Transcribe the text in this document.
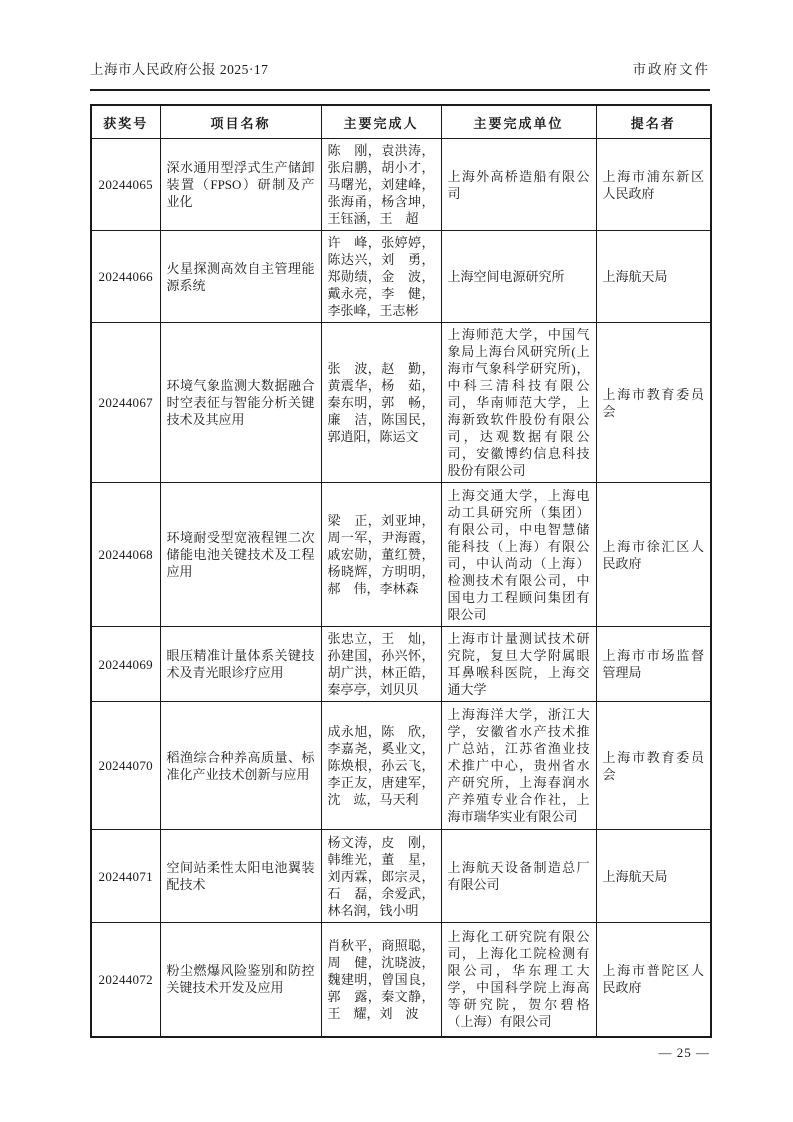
上海市人民政府公报 2025·17	市政府文件
获奖号	项目名称	主要完成人	主要完成单位	提名者
20244065	深水通用型浮式生产储卸装置（FPSO）研制及产业化	陈　刚，袁洪涛，张启鹏，胡小才，马曙光，刘建峰，张海甬，杨含坤，王钰涵，王　超	上海外高桥造船有限公司	上海市浦东新区人民政府
20244066	火星探测高效自主管理能源系统	许　峰，张婷婷，陈达兴，刘　勇，郑勋绩，金　波，戴永亮，李　健，李张峰，王志彬	上海空间电源研究所	上海航天局
20244067	环境气象监测大数据融合时空表征与智能分析关键技术及其应用	张　波，赵　勤，黄震华，杨　茹，秦东明，郭　畅，廉　洁，陈国民，郭逍阳，陈运文	上海师范大学，中国气象局上海台风研究所(上海市气象科学研究所)，中科三清科技有限公司，华南师范大学，上海新致软件股份有限公司，达观数据有限公司，安徽博约信息科技股份有限公司	上海市教育委员会
20244068	环境耐受型宽液程锂二次储能电池关键技术及工程应用	梁　正，刘亚坤，周一军，尹海霞，戚宏勋，董红赞，杨晓辉，方明明，郝　伟，李林森	上海交通大学，上海电动工具研究所（集团）有限公司，中电智慧储能科技（上海）有限公司，中认尚动（上海）检测技术有限公司，中国电力工程顾问集团有限公司	上海市徐汇区人民政府
20244069	眼压精准计量体系关键技术及青光眼诊疗应用	张忠立，王　灿，孙建国，孙兴怀，胡广洪，林正皓，秦亭亭，刘贝贝	上海市计量测试技术研究院，复旦大学附属眼耳鼻喉科医院，上海交通大学	上海市市场监督管理局
20244070	稻渔综合种养高质量、标准化产业技术创新与应用	成永旭，陈　欣，李嘉尧，奚业文，陈焕根，孙云飞，李正友，唐建军，沈　竑，马天利	上海海洋大学，浙江大学，安徽省水产技术推广总站，江苏省渔业技术推广中心，贵州省水产研究所，上海春润水产养殖专业合作社，上海市瑞华实业有限公司	上海市教育委员会
20244071	空间站柔性太阳电池翼装配技术	杨文涛，皮　刚，韩维光，董　星，刘丙霖，郎宗灵，石　磊，余爱武，林名润，钱小明	上海航天设备制造总厂有限公司	上海航天局
20244072	粉尘燃爆风险鉴别和防控关键技术开发及应用	肖秋平，商照聪，周　健，沈晓波，魏建明，曾国良，郭　露，秦文静，王　耀，刘　波	上海化工研究院有限公司，上海化工院检测有限公司，华东理工大学，中国科学院上海高等研究院，贺尔碧格（上海）有限公司	上海市普陀区人民政府
— 25 —
